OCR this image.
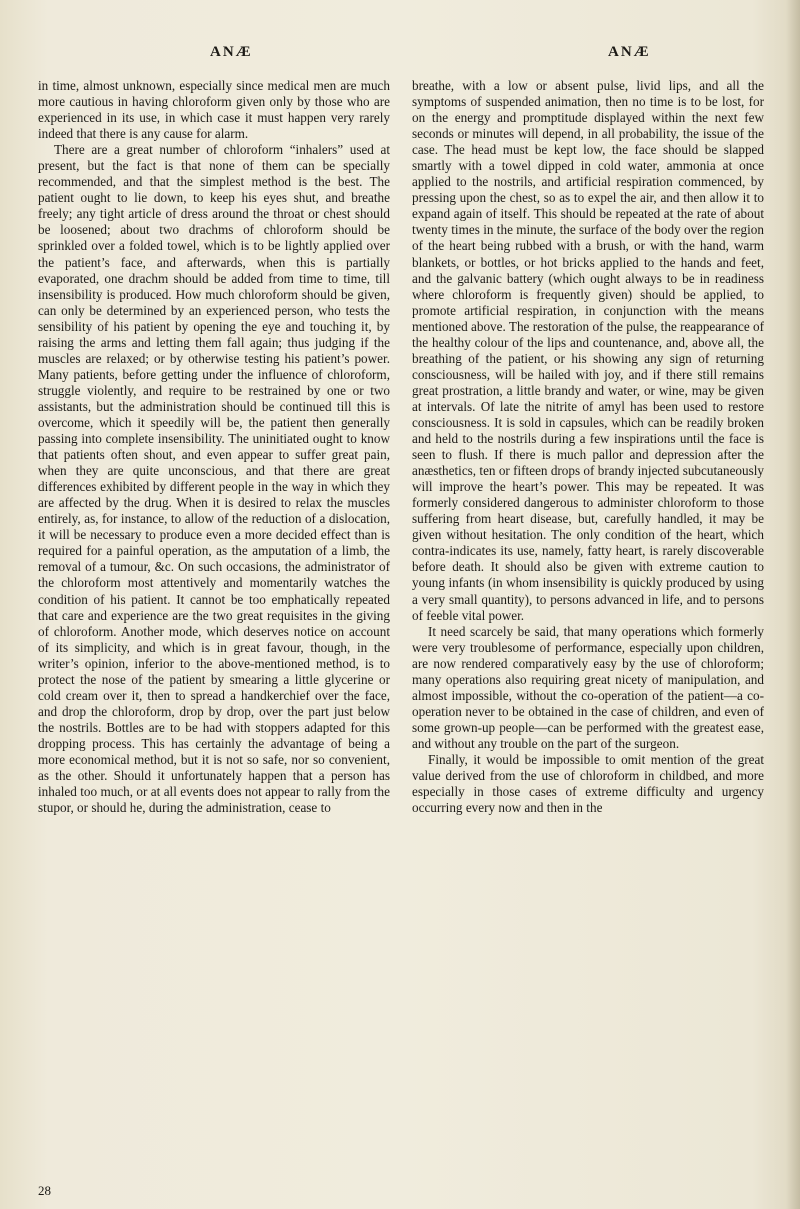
ANÆ	ANÆ

in time, almost unknown, especially since medical men are much more cautious in having chloroform given only by those who are experienced in its use, in which case it must happen very rarely indeed that there is any cause for alarm.

There are a great number of chloroform “inhalers” used at present, but the fact is that none of them can be specially recommended, and that the simplest method is the best. The patient ought to lie down, to keep his eyes shut, and breathe freely; any tight article of dress around the throat or chest should be loosened; about two drachms of chloroform should be sprinkled over a folded towel, which is to be lightly applied over the patient’s face, and afterwards, when this is partially evaporated, one drachm should be added from time to time, till insensibility is produced. How much chloroform should be given, can only be determined by an experienced person, who tests the sensibility of his patient by opening the eye and touching it, by raising the arms and letting them fall again; thus judging if the muscles are relaxed; or by otherwise testing his patient’s power. Many patients, before getting under the influence of chloroform, struggle violently, and require to be restrained by one or two assistants, but the administration should be continued till this is overcome, which it speedily will be, the patient then generally passing into complete insensibility. The uninitiated ought to know that patients often shout, and even appear to suffer great pain, when they are quite unconscious, and that there are great differences exhibited by different people in the way in which they are affected by the drug. When it is desired to relax the muscles entirely, as, for instance, to allow of the reduction of a dislocation, it will be necessary to produce even a more decided effect than is required for a painful operation, as the amputation of a limb, the removal of a tumour, &c. On such occasions, the administrator of the chloroform most attentively and momentarily watches the condition of his patient. It cannot be too emphatically repeated that care and experience are the two great requisites in the giving of chloroform. Another mode, which deserves notice on account of its simplicity, and which is in great favour, though, in the writer’s opinion, inferior to the above-mentioned method, is to protect the nose of the patient by smearing a little glycerine or cold cream over it, then to spread a handkerchief over the face, and drop the chloroform, drop by drop, over the part just below the nostrils. Bottles are to be had with stoppers adapted for this dropping process. This has certainly the advantage of being a more economical method, but it is not so safe, nor so convenient, as the other. Should it unfortunately happen that a person has inhaled too much, or at all events does not appear to rally from the stupor, or should he, during the administration, cease to

breathe, with a low or absent pulse, livid lips, and all the symptoms of suspended animation, then no time is to be lost, for on the energy and promptitude displayed within the next few seconds or minutes will depend, in all probability, the issue of the case. The head must be kept low, the face should be slapped smartly with a towel dipped in cold water, ammonia at once applied to the nostrils, and artificial respiration commenced, by pressing upon the chest, so as to expel the air, and then allow it to expand again of itself. This should be repeated at the rate of about twenty times in the minute, the surface of the body over the region of the heart being rubbed with a brush, or with the hand, warm blankets, or bottles, or hot bricks applied to the hands and feet, and the galvanic battery (which ought always to be in readiness where chloroform is frequently given) should be applied, to promote artificial respiration, in conjunction with the means mentioned above. The restoration of the pulse, the reappearance of the healthy colour of the lips and countenance, and, above all, the breathing of the patient, or his showing any sign of returning consciousness, will be hailed with joy, and if there still remains great prostration, a little brandy and water, or wine, may be given at intervals. Of late the nitrite of amyl has been used to restore consciousness. It is sold in capsules, which can be readily broken and held to the nostrils during a few inspirations until the face is seen to flush. If there is much pallor and depression after the anæsthetics, ten or fifteen drops of brandy injected subcutaneously will improve the heart’s power. This may be repeated. It was formerly considered dangerous to administer chloroform to those suffering from heart disease, but, carefully handled, it may be given without hesitation. The only condition of the heart, which contra-indicates its use, namely, fatty heart, is rarely discoverable before death. It should also be given with extreme caution to young infants (in whom insensibility is quickly produced by using a very small quantity), to persons advanced in life, and to persons of feeble vital power.

It need scarcely be said, that many operations which formerly were very troublesome of performance, especially upon children, are now rendered comparatively easy by the use of chloroform; many operations also requiring great nicety of manipulation, and almost impossible, without the co-operation of the patient—a co-operation never to be obtained in the case of children, and even of some grown-up people—can be performed with the greatest ease, and without any trouble on the part of the surgeon.

Finally, it would be impossible to omit mention of the great value derived from the use of chloroform in childbed, and more especially in those cases of extreme difficulty and urgency occurring every now and then in the

28
